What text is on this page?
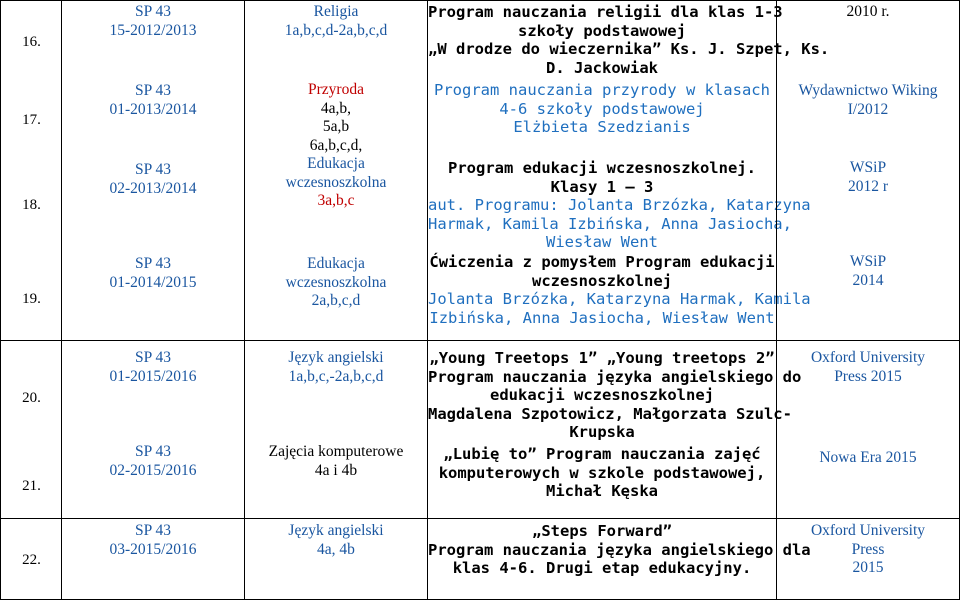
16.
17.
18.
19.
SP 43
15-2012/2013
SP 43
01-2013/2014
SP 43
02-2013/2014
SP 43
01-2014/2015
Religia
1a,b,c,d-2a,b,c,d
Przyroda
4a,b,
5a,b
6a,b,c,d,
Edukacja
wczesnoszkolna
3a,b,c
Edukacja
wczesnoszkolna
2a,b,c,d
Program nauczania religii dla klas 1-3
szkoły podstawowej
„W drodze do wieczernika” Ks. J. Szpet, Ks.
D. Jackowiak
Program nauczania przyrody w klasach
4-6 szkoły podstawowej
Elżbieta Szedzianis
Program edukacji wczesnoszkolnej.
Klasy 1 – 3
aut. Programu: Jolanta Brzózka, Katarzyna
Harmak, Kamila Izbińska, Anna Jasiocha,
Wiesław Went
Ćwiczenia z pomysłem Program edukacji
wczesnoszkolnej
Jolanta Brzózka, Katarzyna Harmak, Kamila
Izbińska, Anna Jasiocha, Wiesław Went
2010 r.
Wydawnictwo Wiking
I/2012
WSiP
2012 r
WSiP
2014
20.
21.
SP 43
01-2015/2016
SP 43
02-2015/2016
Język angielski
1a,b,c,-2a,b,c,d
Zajęcia komputerowe
4a i 4b
„Young Treetops 1” „Young treetops 2”
Program nauczania języka angielskiego do
edukacji wczesnoszkolnej
Magdalena Szpotowicz, Małgorzata Szulc-
Krupska
„Lubię to” Program nauczania zajęć
komputerowych w szkole podstawowej,
Michał Kęska
Oxford University
Press 2015
Nowa Era 2015
22.
SP 43
03-2015/2016
Język angielski
4a, 4b
„Steps Forward”
Program nauczania języka angielskiego dla
klas 4-6. Drugi etap edukacyjny.
Oxford University
Press
2015
